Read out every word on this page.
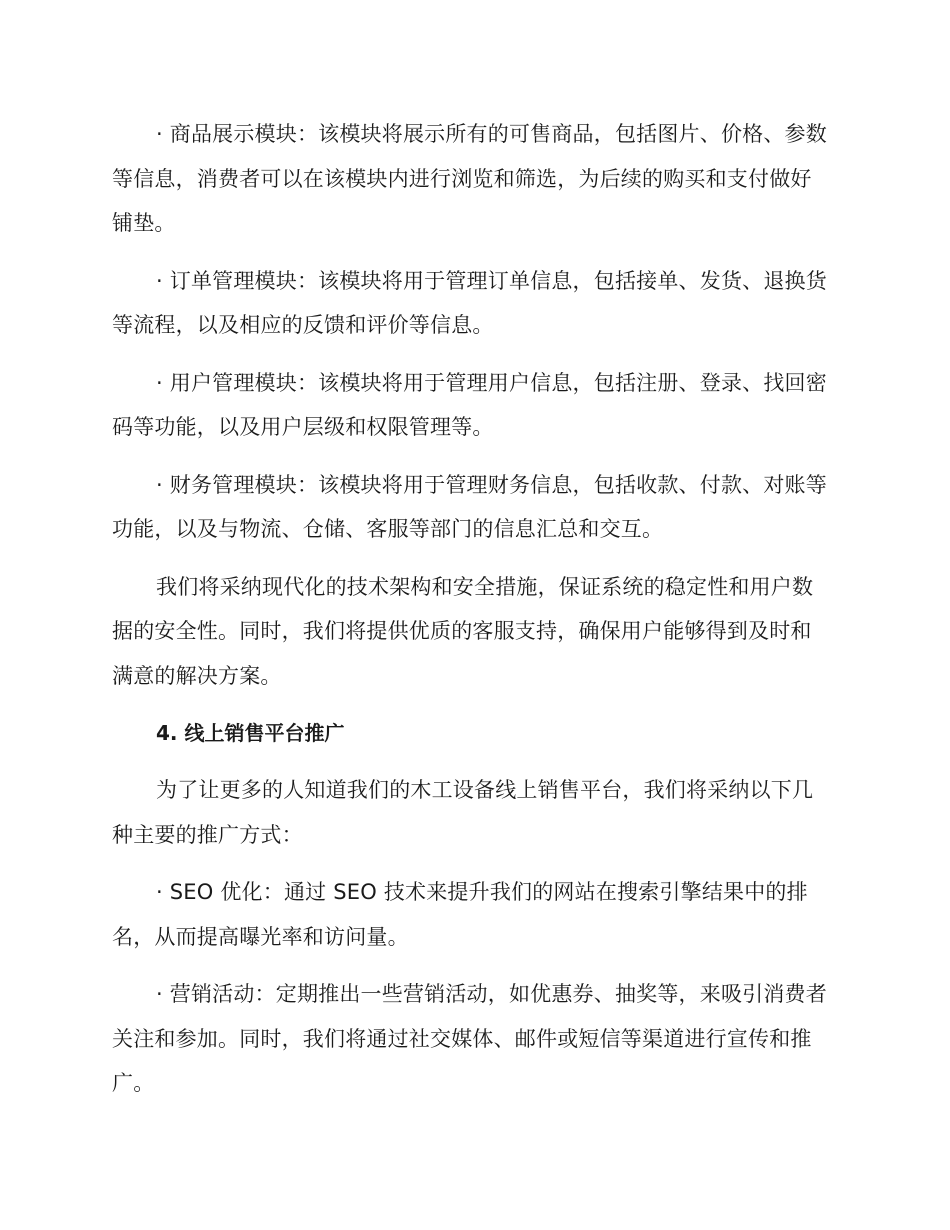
· 商品展示模块：该模块将展示所有的可售商品，包括图片、价格、参数等信息，消费者可以在该模块内进行浏览和筛选，为后续的购买和支付做好铺垫。

· 订单管理模块：该模块将用于管理订单信息，包括接单、发货、退换货等流程，以及相应的反馈和评价等信息。

· 用户管理模块：该模块将用于管理用户信息，包括注册、登录、找回密码等功能，以及用户层级和权限管理等。

· 财务管理模块：该模块将用于管理财务信息，包括收款、付款、对账等功能，以及与物流、仓储、客服等部门的信息汇总和交互。

我们将采纳现代化的技术架构和安全措施，保证系统的稳定性和用户数据的安全性。同时，我们将提供优质的客服支持，确保用户能够得到及时和满意的解决方案。

4. 线上销售平台推广

为了让更多的人知道我们的木工设备线上销售平台，我们将采纳以下几种主要的推广方式：

· SEO 优化：通过 SEO 技术来提升我们的网站在搜索引擎结果中的排名，从而提高曝光率和访问量。

· 营销活动：定期推出一些营销活动，如优惠券、抽奖等，来吸引消费者关注和参加。同时，我们将通过社交媒体、邮件或短信等渠道进行宣传和推广。
